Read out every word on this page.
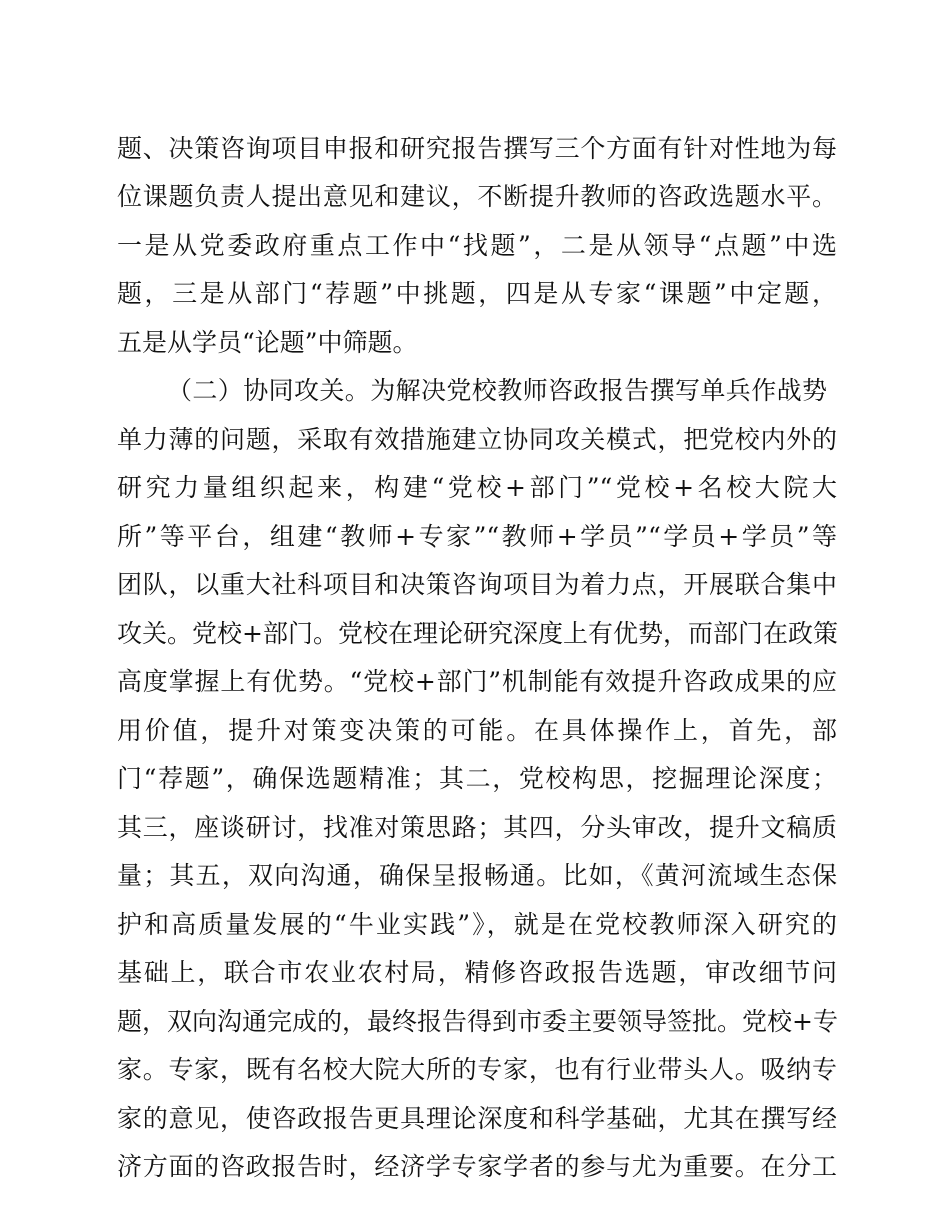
题、决策咨询项目申报和研究报告撰写三个方面有针对性地为每
位课题负责人提出意见和建议，不断提升教师的咨政选题水平。
一是从党委政府重点工作中“找题”，二是从领导“点题”中选
题，三是从部门“荐题”中挑题，四是从专家“课题”中定题，
五是从学员“论题”中筛题。
（二）协同攻关。为解决党校教师咨政报告撰写单兵作战势
单力薄的问题，采取有效措施建立协同攻关模式，把党校内外的
研究力量组织起来，构建“党校+部门”“党校+名校大院大
所”等平台，组建“教师+专家”“教师+学员”“学员+学员”等
团队，以重大社科项目和决策咨询项目为着力点，开展联合集中
攻关。党校+部门。党校在理论研究深度上有优势，而部门在政策
高度掌握上有优势。“党校+部门”机制能有效提升咨政成果的应
用价值，提升对策变决策的可能。在具体操作上，首先，部
门“荐题”，确保选题精准；其二，党校构思，挖掘理论深度；
其三，座谈研讨，找准对策思路；其四，分头审改，提升文稿质
量；其五，双向沟通，确保呈报畅通。比如，《黄河流域生态保
护和高质量发展的“牛业实践”》，就是在党校教师深入研究的
基础上，联合市农业农村局，精修咨政报告选题，审改细节问
题，双向沟通完成的，最终报告得到市委主要领导签批。党校+专
家。专家，既有名校大院大所的专家，也有行业带头人。吸纳专
家的意见，使咨政报告更具理论深度和科学基础，尤其在撰写经
济方面的咨政报告时，经济学专家学者的参与尤为重要。在分工
